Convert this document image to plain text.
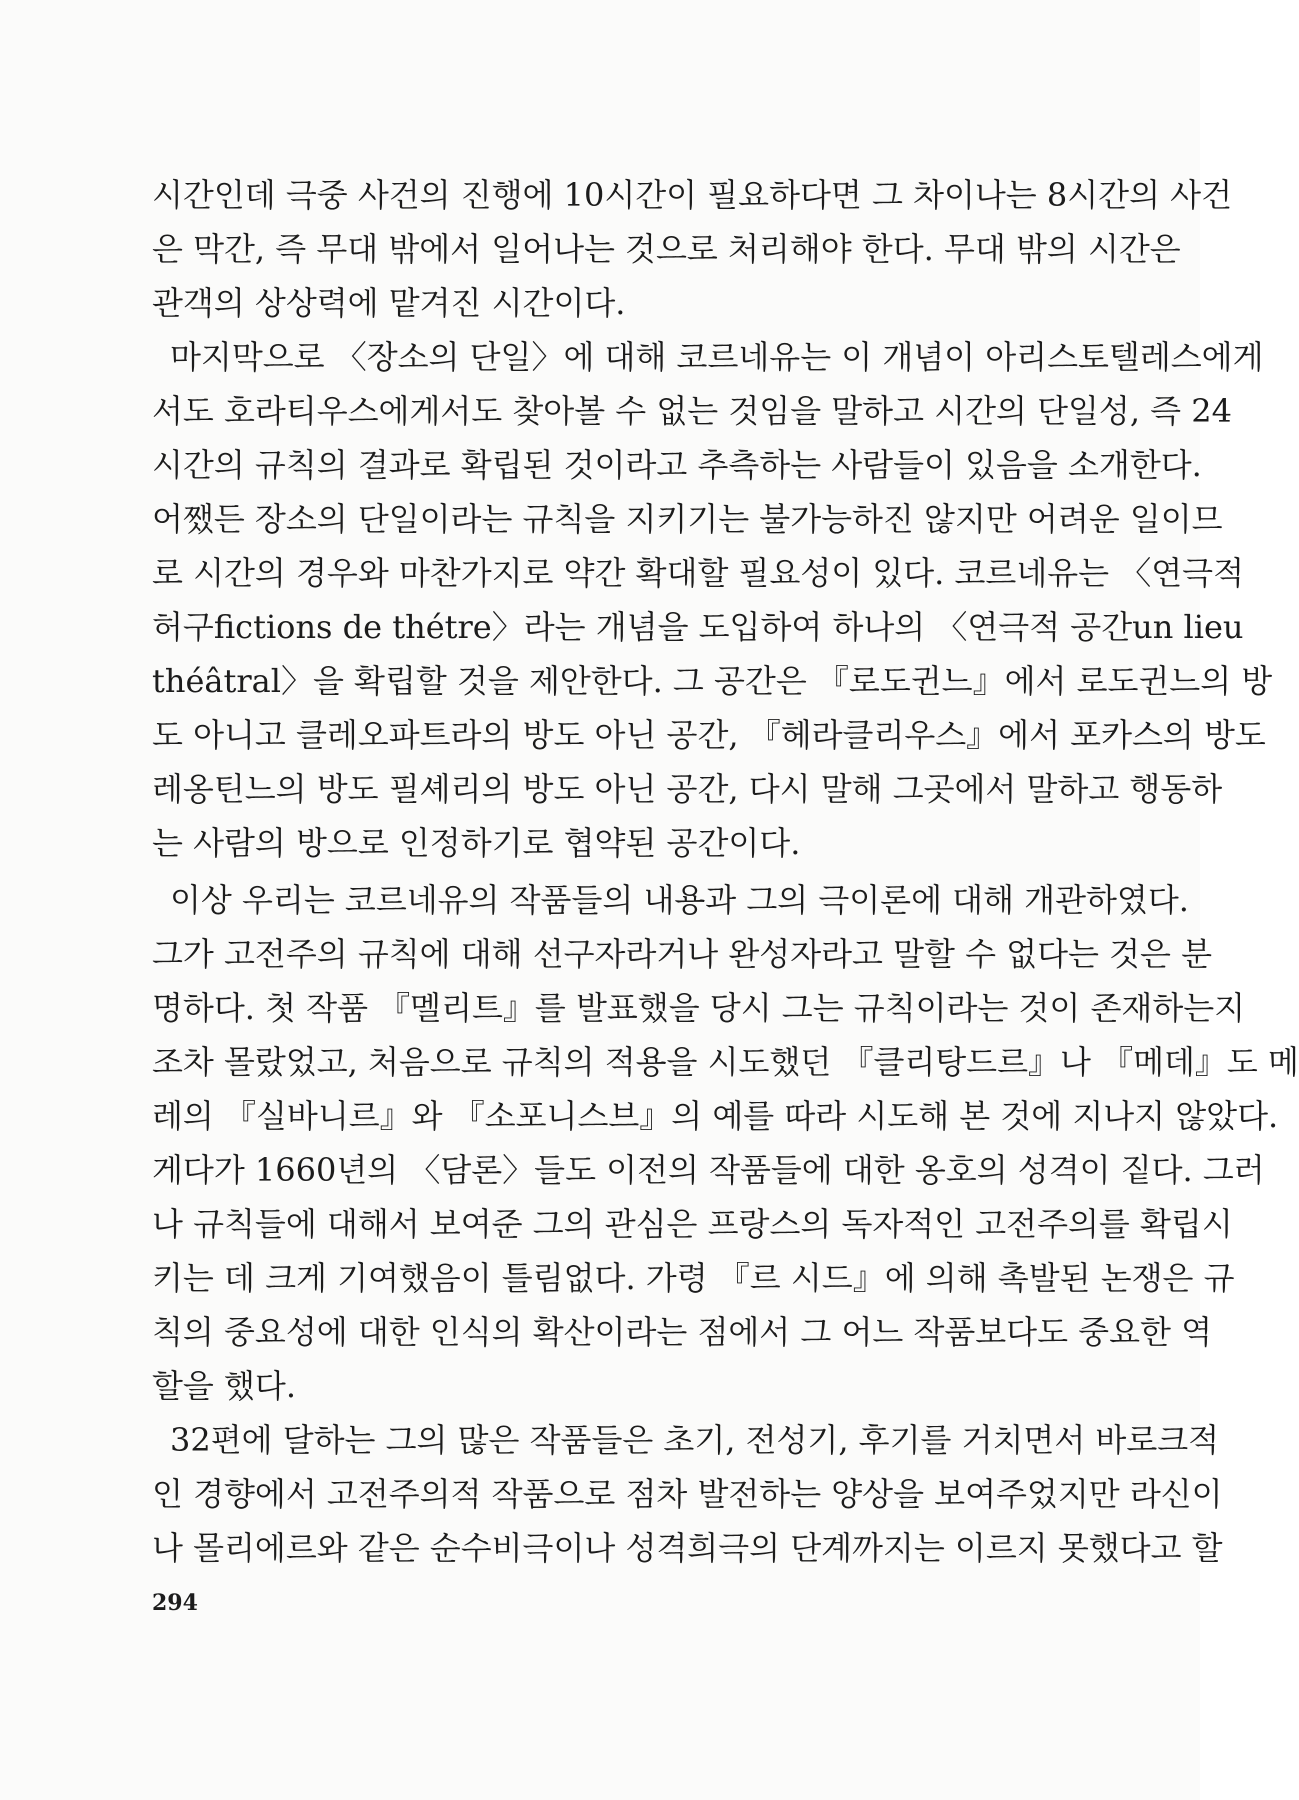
시간인데 극중 사건의 진행에 10시간이 필요하다면 그 차이나는 8시간의 사건
은 막간, 즉 무대 밖에서 일어나는 것으로 처리해야 한다. 무대 밖의 시간은
관객의 상상력에 맡겨진 시간이다.
마지막으로 〈장소의 단일〉에 대해 코르네유는 이 개념이 아리스토텔레스에게
서도 호라티우스에게서도 찾아볼 수 없는 것임을 말하고 시간의 단일성, 즉 24
시간의 규칙의 결과로 확립된 것이라고 추측하는 사람들이 있음을 소개한다.
어쨌든 장소의 단일이라는 규칙을 지키기는 불가능하진 않지만 어려운 일이므
로 시간의 경우와 마찬가지로 약간 확대할 필요성이 있다. 코르네유는 〈연극적
허구fictions de thétre〉라는 개념을 도입하여 하나의 〈연극적 공간un lieu
théâtral〉을 확립할 것을 제안한다. 그 공간은 『로도귄느』에서 로도귄느의 방
도 아니고 클레오파트라의 방도 아닌 공간, 『헤라클리우스』에서 포카스의 방도
레옹틴느의 방도 필셰리의 방도 아닌 공간, 다시 말해 그곳에서 말하고 행동하
는 사람의 방으로 인정하기로 협약된 공간이다.
이상 우리는 코르네유의 작품들의 내용과 그의 극이론에 대해 개관하였다.
그가 고전주의 규칙에 대해 선구자라거나 완성자라고 말할 수 없다는 것은 분
명하다. 첫 작품 『멜리트』를 발표했을 당시 그는 규칙이라는 것이 존재하는지
조차 몰랐었고, 처음으로 규칙의 적용을 시도했던 『클리탕드르』나 『메데』도 메
레의 『실바니르』와 『소포니스브』의 예를 따라 시도해 본 것에 지나지 않았다.
게다가 1660년의 〈담론〉들도 이전의 작품들에 대한 옹호의 성격이 짙다. 그러
나 규칙들에 대해서 보여준 그의 관심은 프랑스의 독자적인 고전주의를 확립시
키는 데 크게 기여했음이 틀림없다. 가령 『르 시드』에 의해 촉발된 논쟁은 규
칙의 중요성에 대한 인식의 확산이라는 점에서 그 어느 작품보다도 중요한 역
할을 했다.
32편에 달하는 그의 많은 작품들은 초기, 전성기, 후기를 거치면서 바로크적
인 경향에서 고전주의적 작품으로 점차 발전하는 양상을 보여주었지만 라신이
나 몰리에르와 같은 순수비극이나 성격희극의 단계까지는 이르지 못했다고 할
294
